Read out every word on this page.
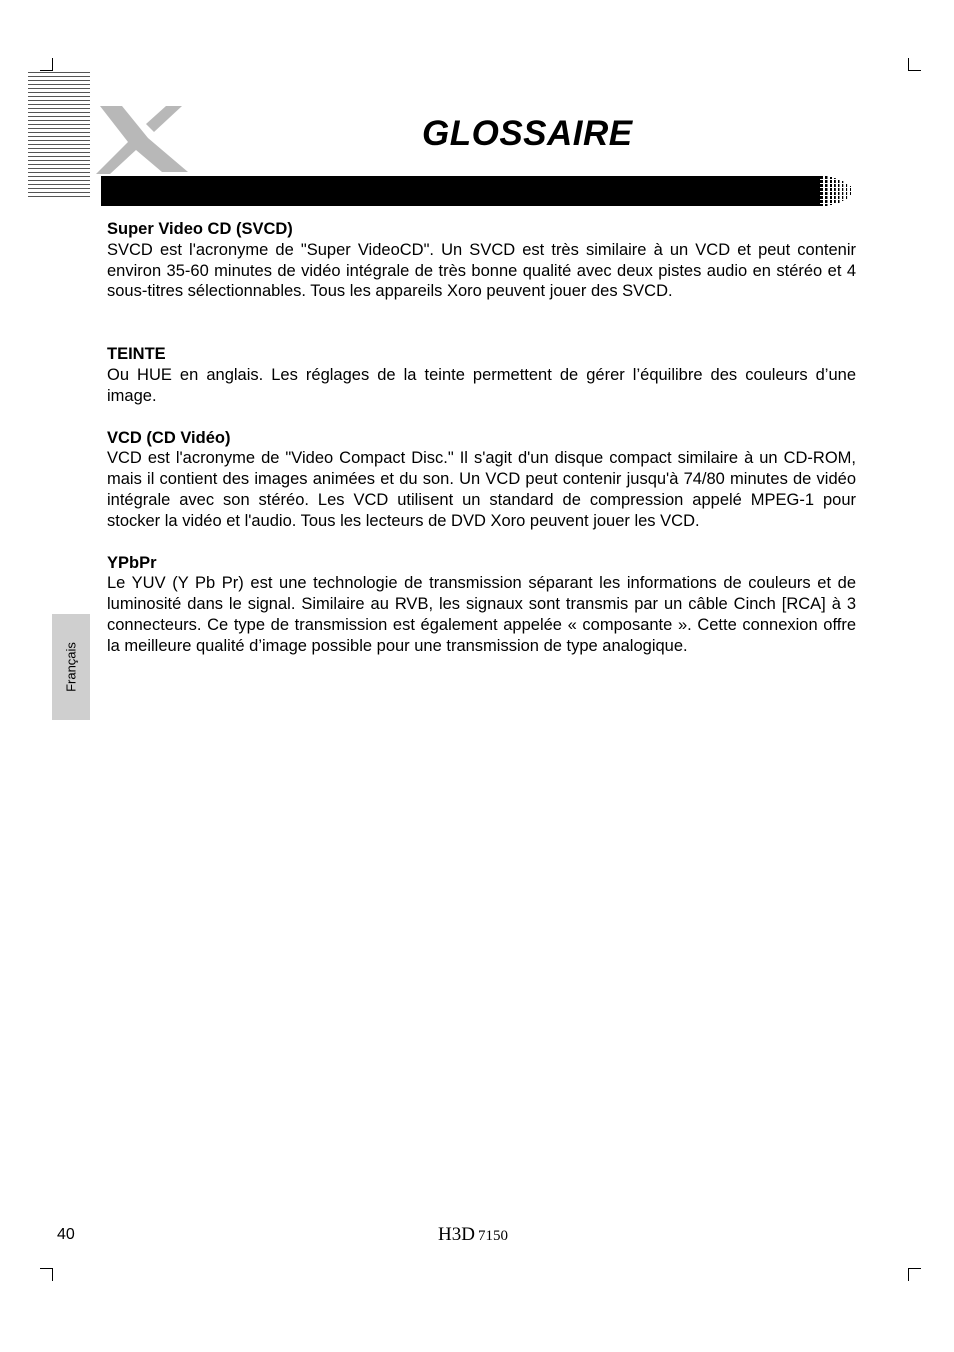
GLOSSAIRE
Français
Super Video CD (SVCD)

SVCD est l'acronyme de "Super VideoCD". Un SVCD est très similaire à un VCD et peut contenir environ 35-60 minutes de vidéo intégrale de très bonne qualité avec deux pistes audio en stéréo et 4 sous-titres sélectionnables. Tous les appareils Xoro peuvent jouer des SVCD.

TEINTE

Ou HUE en anglais. Les réglages de la teinte permettent de gérer l’équilibre des couleurs d’une image.

VCD (CD Vidéo)

VCD est l'acronyme de "Video Compact Disc." Il s'agit d'un disque compact similaire à un CD-ROM, mais il contient des images animées et du son. Un VCD peut contenir jusqu'à 74/80 minutes de vidéo intégrale avec son stéréo. Les VCD utilisent un standard de compression appelé MPEG-1 pour stocker la vidéo et l'audio. Tous les lecteurs de DVD Xoro peuvent jouer les VCD.

YPbPr

Le YUV (Y Pb Pr) est une technologie de transmission séparant les informations de couleurs et de luminosité dans le signal. Similaire au RVB, les signaux sont transmis par un câble Cinch [RCA] à 3 connecteurs. Ce type de transmission est également appelée « composante ». Cette connexion offre la meilleure qualité d’image possible pour une transmission de type analogique.

40	H3D 7150
